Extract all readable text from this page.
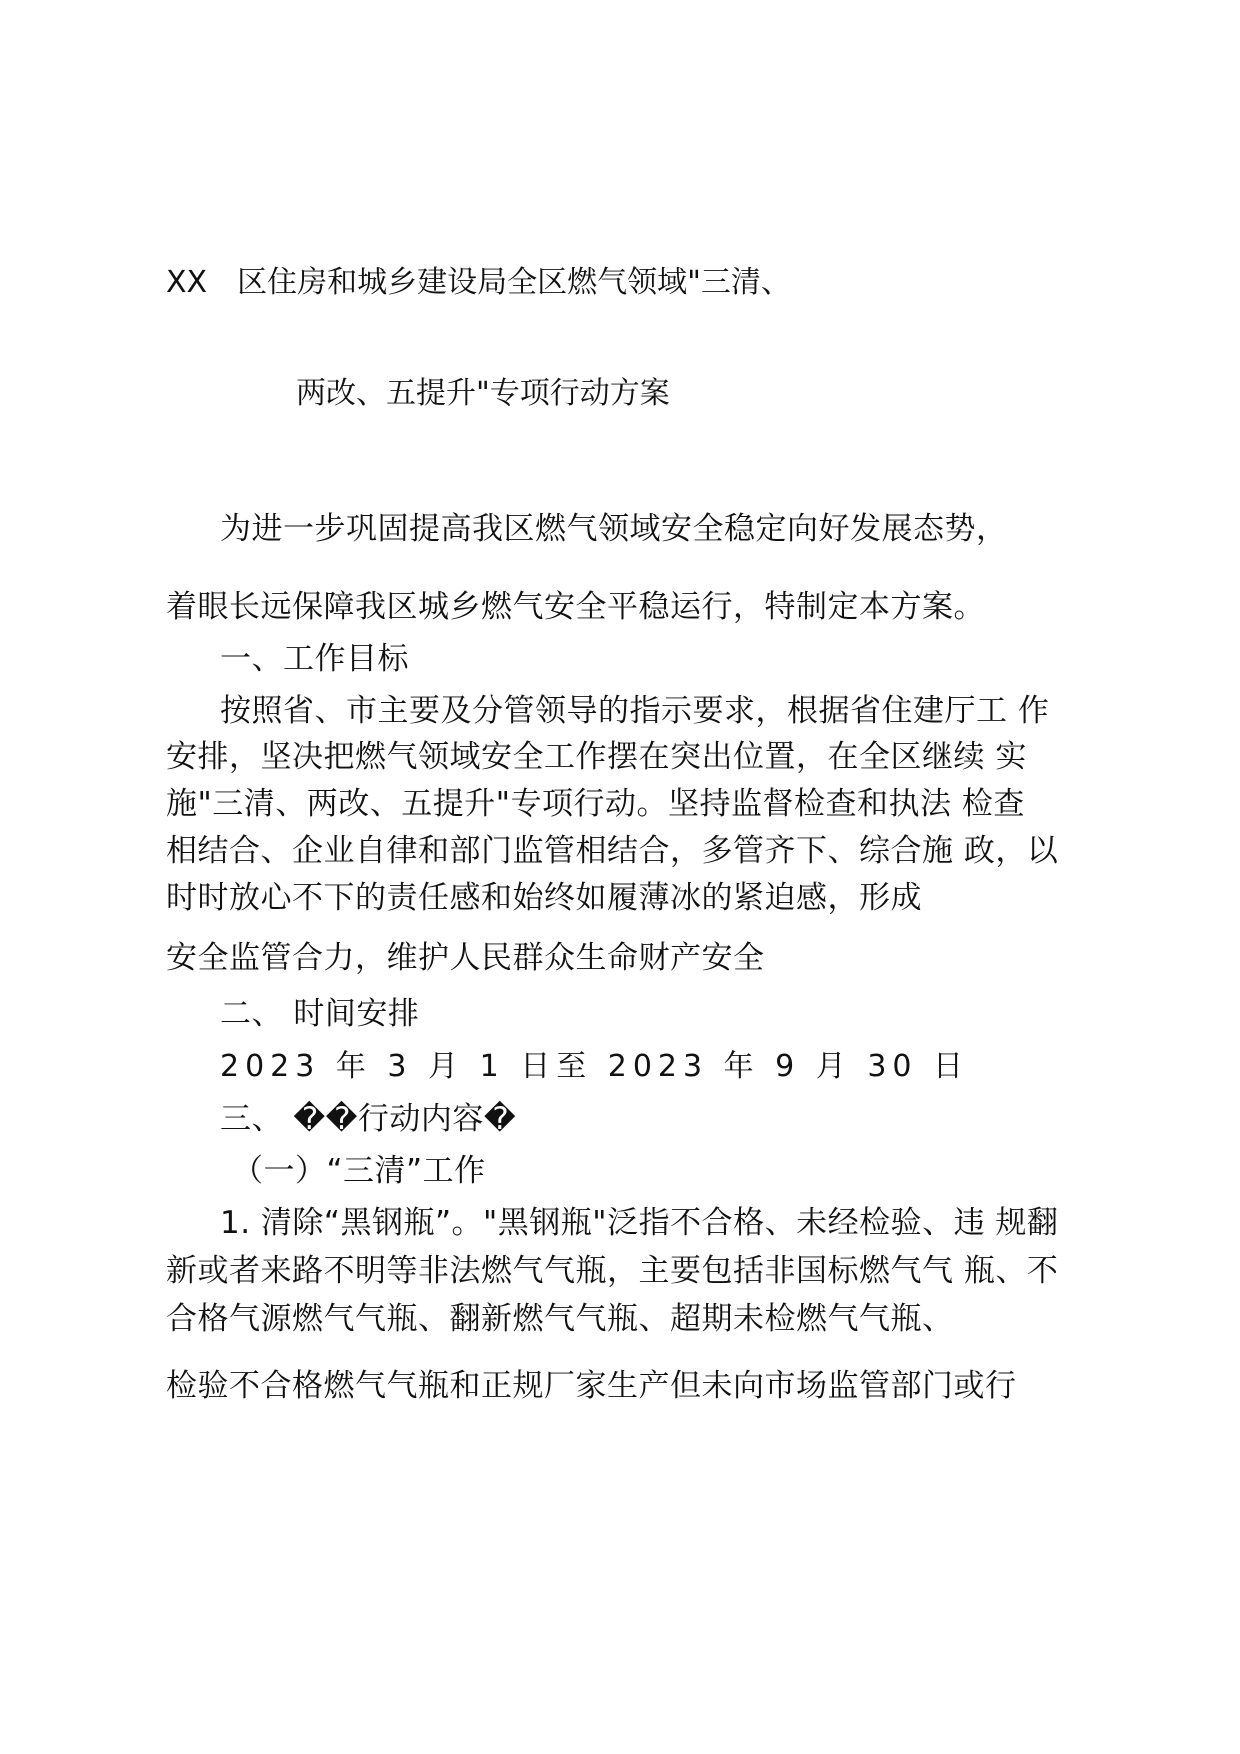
XX　区住房和城乡建设局全区燃气领域"三清、
两改、五提升"专项行动方案
为进一步巩固提高我区燃气领域安全稳定向好发展态势，
着眼长远保障我区城乡燃气安全平稳运行，特制定本方案。
一、工作目标
按照省、市主要及分管领导的指示要求，根据省住建厅工 作
安排，坚决把燃气领域安全工作摆在突出位置，在全区继续 实
施"三清、两改、五提升"专项行动。坚持监督检查和执法 检查
相结合、企业自律和部门监管相结合，多管齐下、综合施 政，以
时时放心不下的责任感和始终如履薄冰的紧迫感，形成
安全监管合力，维护人民群众生命财产安全
二、 时间安排
2023 年 3 月 1 日至 2023 年 9 月 30 日
三、 ��行动内容�
（一）“三清”工作
1. 清除“黑钢瓶”。"黑钢瓶"泛指不合格、未经检验、违 规翻
新或者来路不明等非法燃气气瓶，主要包括非国标燃气气 瓶、不
合格气源燃气气瓶、翻新燃气气瓶、超期未检燃气气瓶、
检验不合格燃气气瓶和正规厂家生产但未向市场监管部门或行
